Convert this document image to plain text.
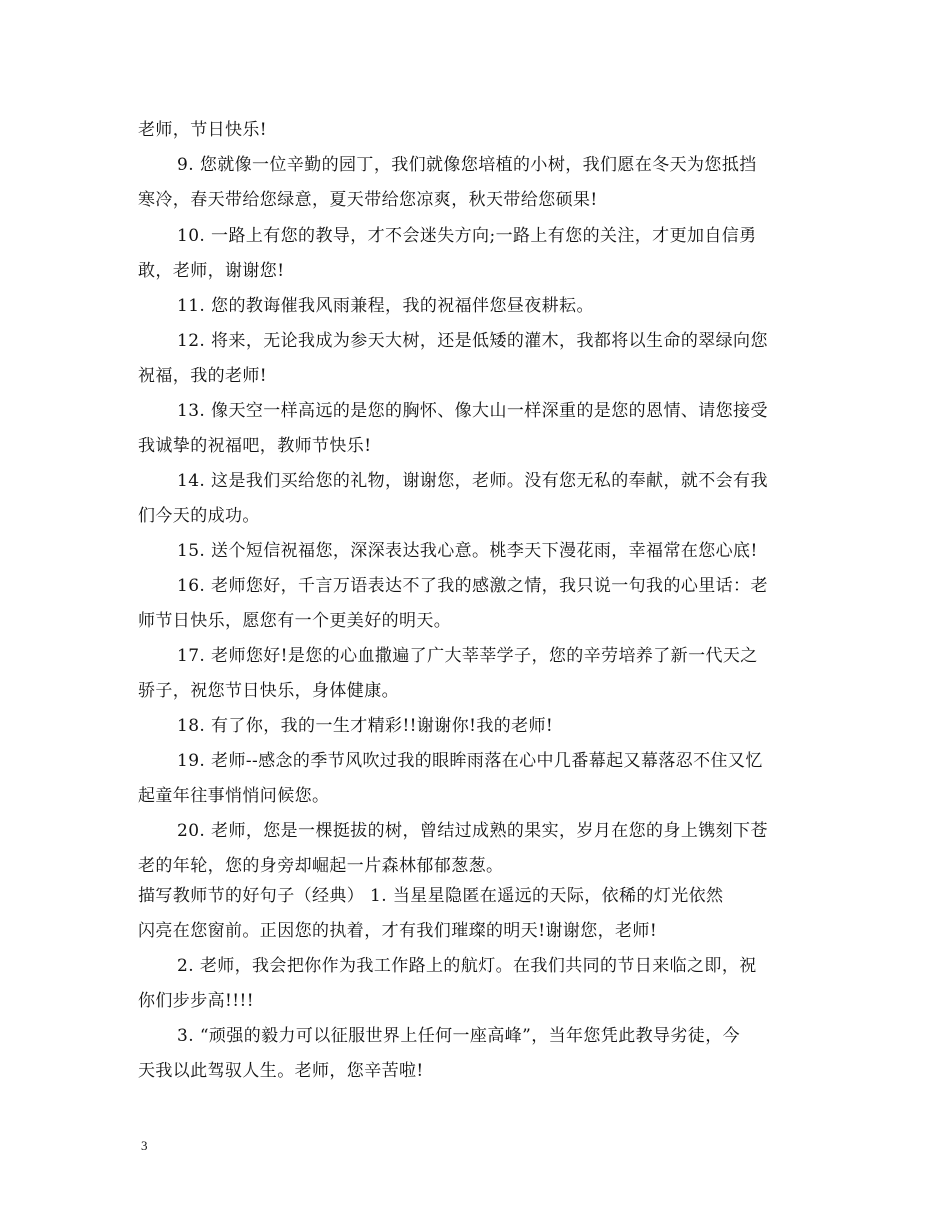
老师，节日快乐!
9. 您就像一位辛勤的园丁，我们就像您培植的小树，我们愿在冬天为您抵挡
寒冷，春天带给您绿意，夏天带给您凉爽，秋天带给您硕果!
10. 一路上有您的教导，才不会迷失方向;一路上有您的关注，才更加自信勇
敢，老师，谢谢您!
11. 您的教诲催我风雨兼程，我的祝福伴您昼夜耕耘。
12. 将来，无论我成为参天大树，还是低矮的灌木，我都将以生命的翠绿向您
祝福，我的老师!
13. 像天空一样高远的是您的胸怀、像大山一样深重的是您的恩情、请您接受
我诚挚的祝福吧，教师节快乐!
14. 这是我们买给您的礼物，谢谢您，老师。没有您无私的奉献，就不会有我
们今天的成功。
15. 送个短信祝福您，深深表达我心意。桃李天下漫花雨，幸福常在您心底!
16. 老师您好，千言万语表达不了我的感激之情，我只说一句我的心里话：老
师节日快乐，愿您有一个更美好的明天。
17. 老师您好!是您的心血撒遍了广大莘莘学子，您的辛劳培养了新一代天之
骄子，祝您节日快乐，身体健康。
18. 有了你，我的一生才精彩!!谢谢你!我的老师!
19. 老师--感念的季节风吹过我的眼眸雨落在心中几番幕起又幕落忍不住又忆
起童年往事悄悄问候您。
20. 老师，您是一棵挺拔的树，曾结过成熟的果实，岁月在您的身上镌刻下苍
老的年轮，您的身旁却崛起一片森林郁郁葱葱。
描写教师节的好句子（经典） 1. 当星星隐匿在遥远的天际，依稀的灯光依然
闪亮在您窗前。正因您的执着，才有我们璀璨的明天!谢谢您，老师!
2. 老师，我会把你作为我工作路上的航灯。在我们共同的节日来临之即，祝
你们步步高!!!!
3. “顽强的毅力可以征服世界上任何一座高峰”，当年您凭此教导劣徒，今
天我以此驾驭人生。老师，您辛苦啦!
3
